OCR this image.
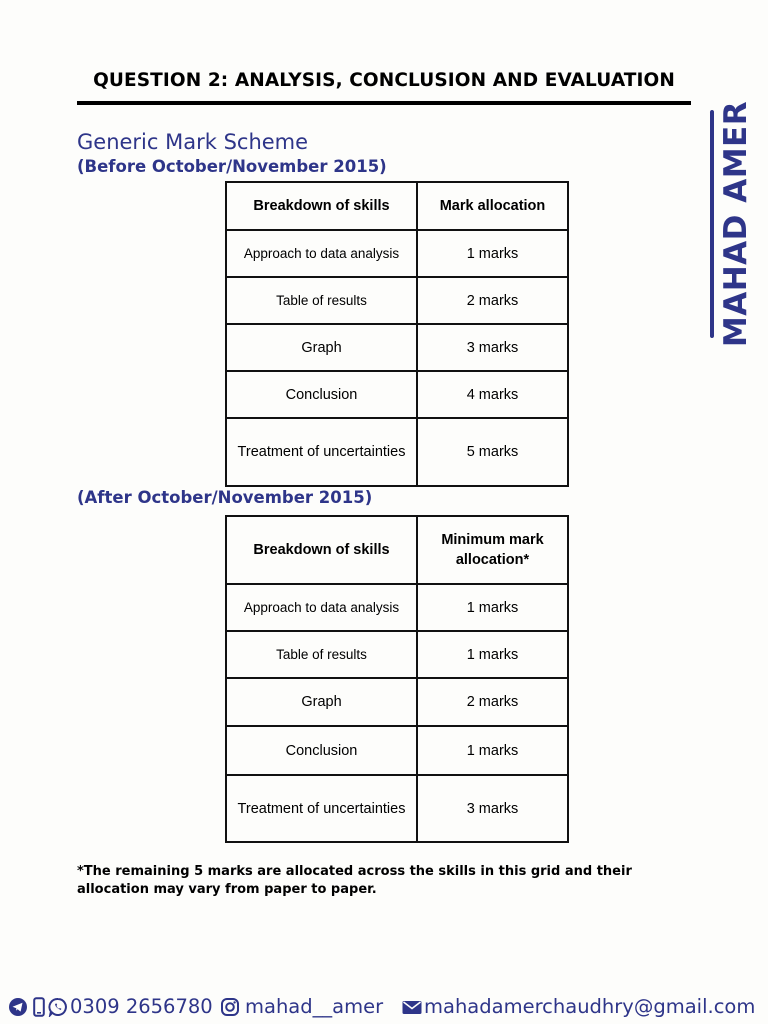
QUESTION 2: ANALYSIS, CONCLUSION AND EVALUATION
Generic Mark Scheme
(Before October/November 2015)
Breakdown of skills	Mark allocation
Approach to data analysis	1 marks
Table of results	2 marks
Graph	3 marks
Conclusion	4 marks
Treatment of uncertainties	5 marks
(After October/November 2015)
Breakdown of skills	Minimum mark allocation*
Approach to data analysis	1 marks
Table of results	1 marks
Graph	2 marks
Conclusion	1 marks
Treatment of uncertainties	3 marks
*The remaining 5 marks are allocated across the skills in this grid and their allocation may vary from paper to paper.
MAHAD AMER
0309 2656780 mahad__amer mahadamerchaudhry@gmail.com
